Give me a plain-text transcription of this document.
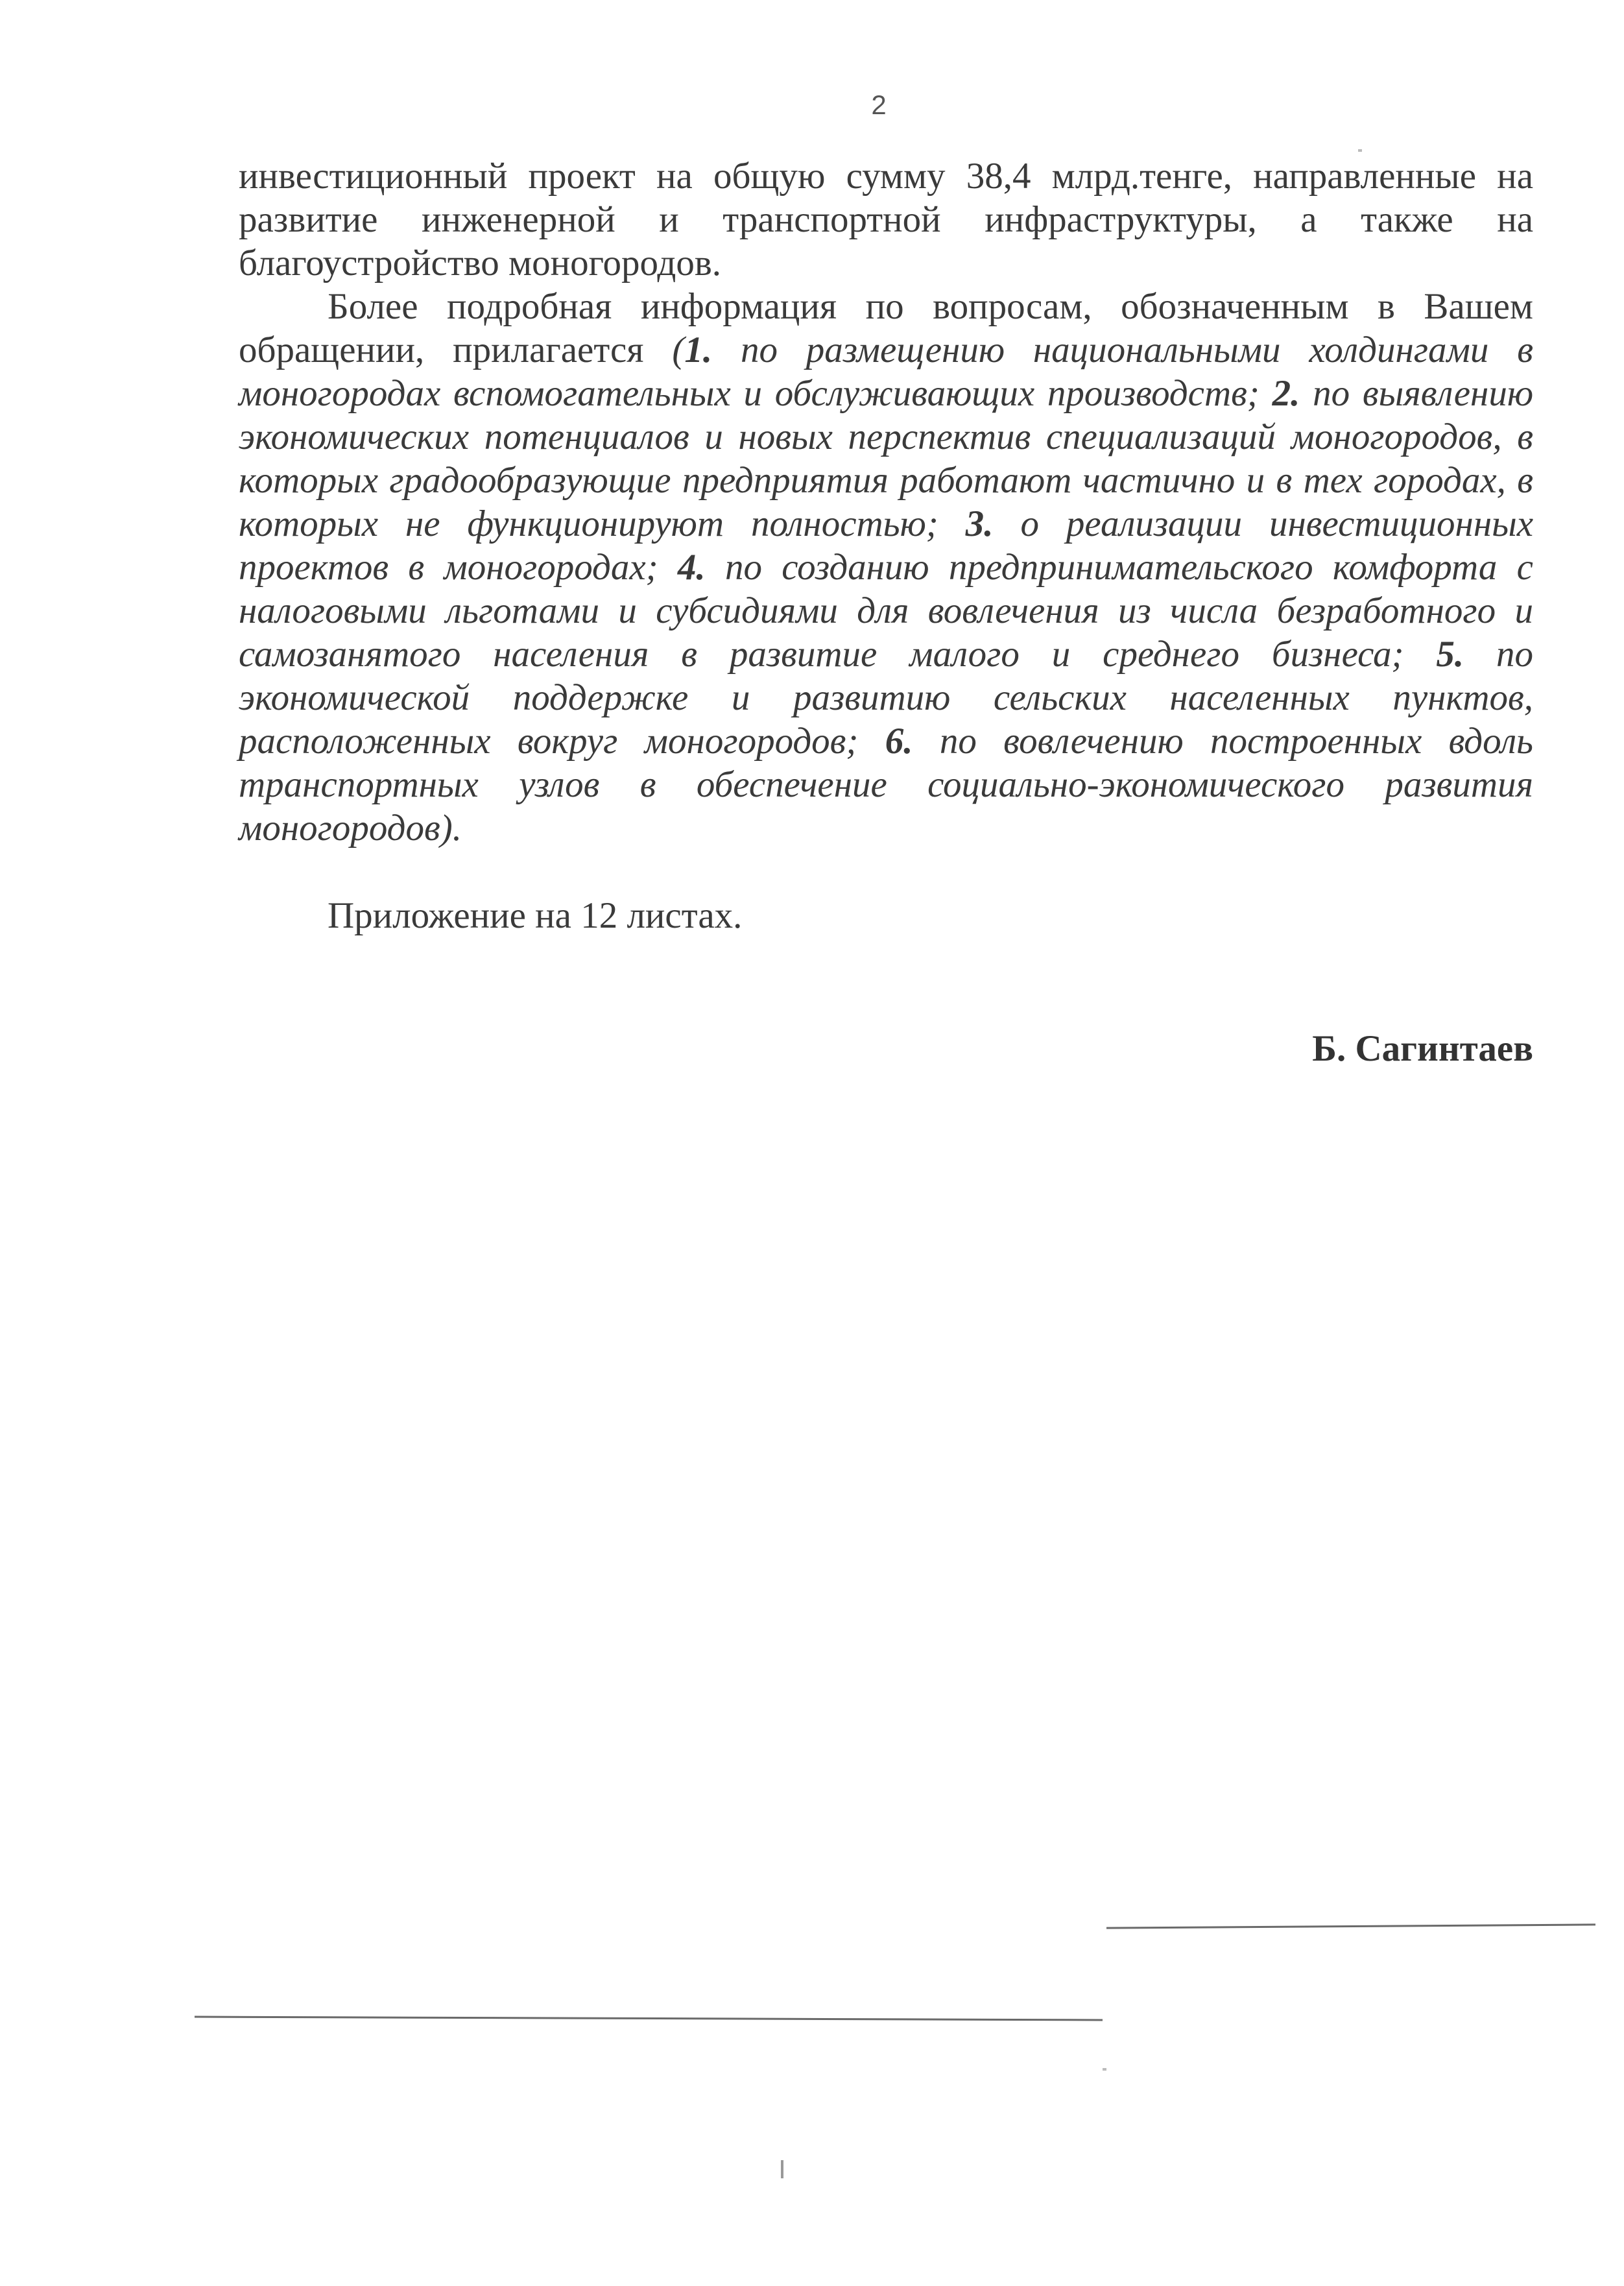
2

инвестиционный проект на общую сумму 38,4 млрд.тенге, направленные на развитие инженерной и транспортной инфраструктуры, а также на благоустройство моногородов.

Более подробная информация по вопросам, обозначенным в Вашем обращении, прилагается (1. по размещению национальными холдингами в моногородах вспомогательных и обслуживающих производств; 2. по выявлению экономических потенциалов и новых перспектив специализаций моногородов, в которых градообразующие предприятия работают частично и в тех городах, в которых не функционируют полностью; 3. о реализации инвестиционных проектов в моногородах; 4. по созданию предпринимательского комфорта с налоговыми льготами и субсидиями для вовлечения из числа безработного и самозанятого населения в развитие малого и среднего бизнеса; 5. по экономической поддержке и развитию сельских населенных пунктов, расположенных вокруг моногородов; 6. по вовлечению построенных вдоль транспортных узлов в обеспечение социально-экономического развития моногородов).

Приложение на 12 листах.
Б. Сагинтаев
